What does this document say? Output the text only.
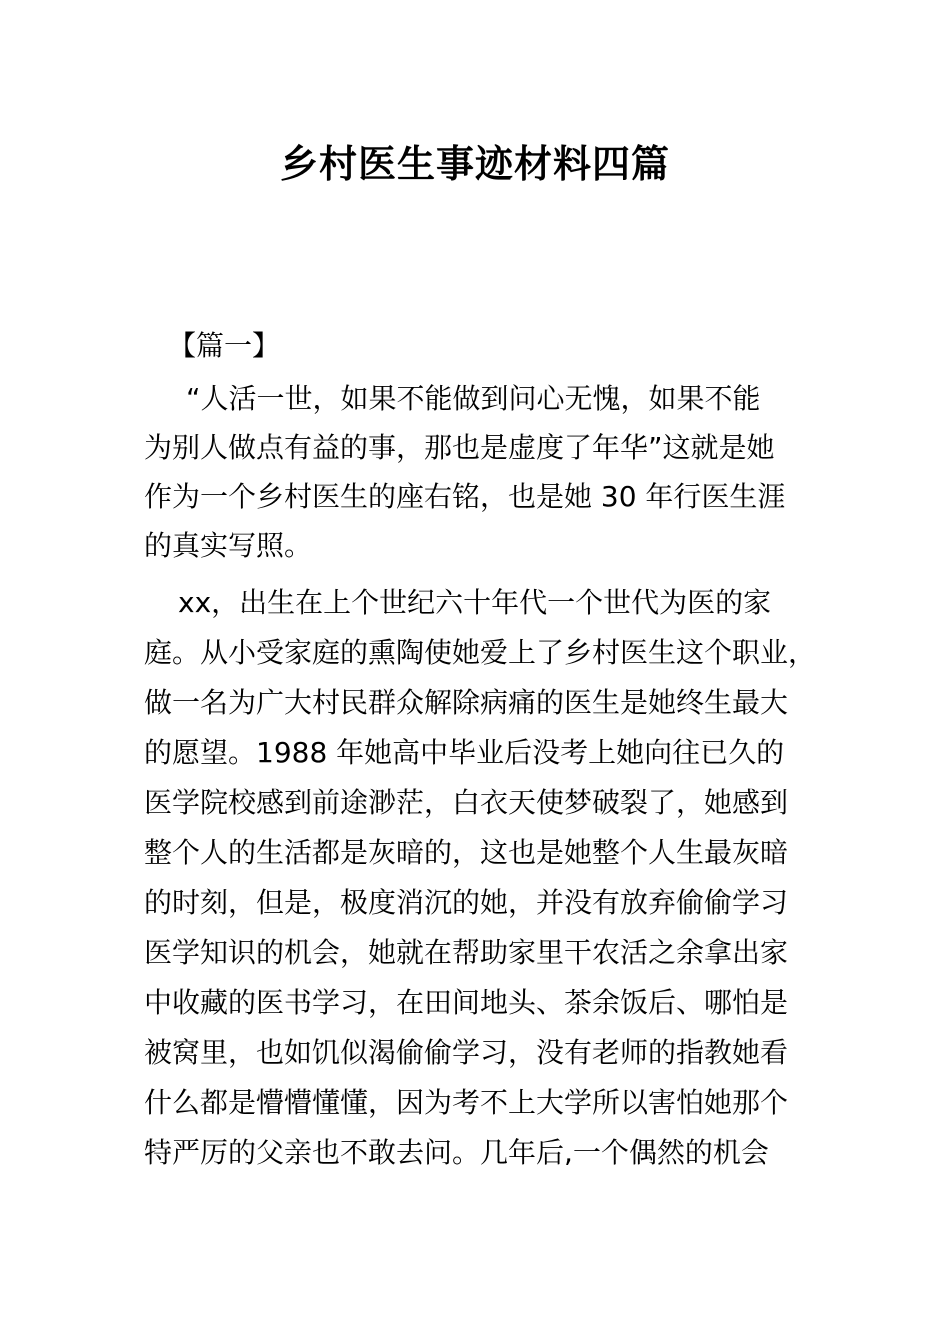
乡村医生事迹材料四篇
【篇一】
“人活一世，如果不能做到问心无愧，如果不能
为别人做点有益的事，那也是虚度了年华”这就是她
作为一个乡村医生的座右铭，也是她 30 年行医生涯
的真实写照。
xx，出生在上个世纪六十年代一个世代为医的家
庭。从小受家庭的熏陶使她爱上了乡村医生这个职业，
做一名为广大村民群众解除病痛的医生是她终生最大
的愿望。1988 年她高中毕业后没考上她向往已久的
医学院校感到前途渺茫，白衣天使梦破裂了，她感到
整个人的生活都是灰暗的，这也是她整个人生最灰暗
的时刻，但是，极度消沉的她，并没有放弃偷偷学习
医学知识的机会，她就在帮助家里干农活之余拿出家
中收藏的医书学习，在田间地头、茶余饭后、哪怕是
被窝里，也如饥似渴偷偷学习，没有老师的指教她看
什么都是懵懵懂懂，因为考不上大学所以害怕她那个
特严厉的父亲也不敢去问。几年后,一个偶然的机会
